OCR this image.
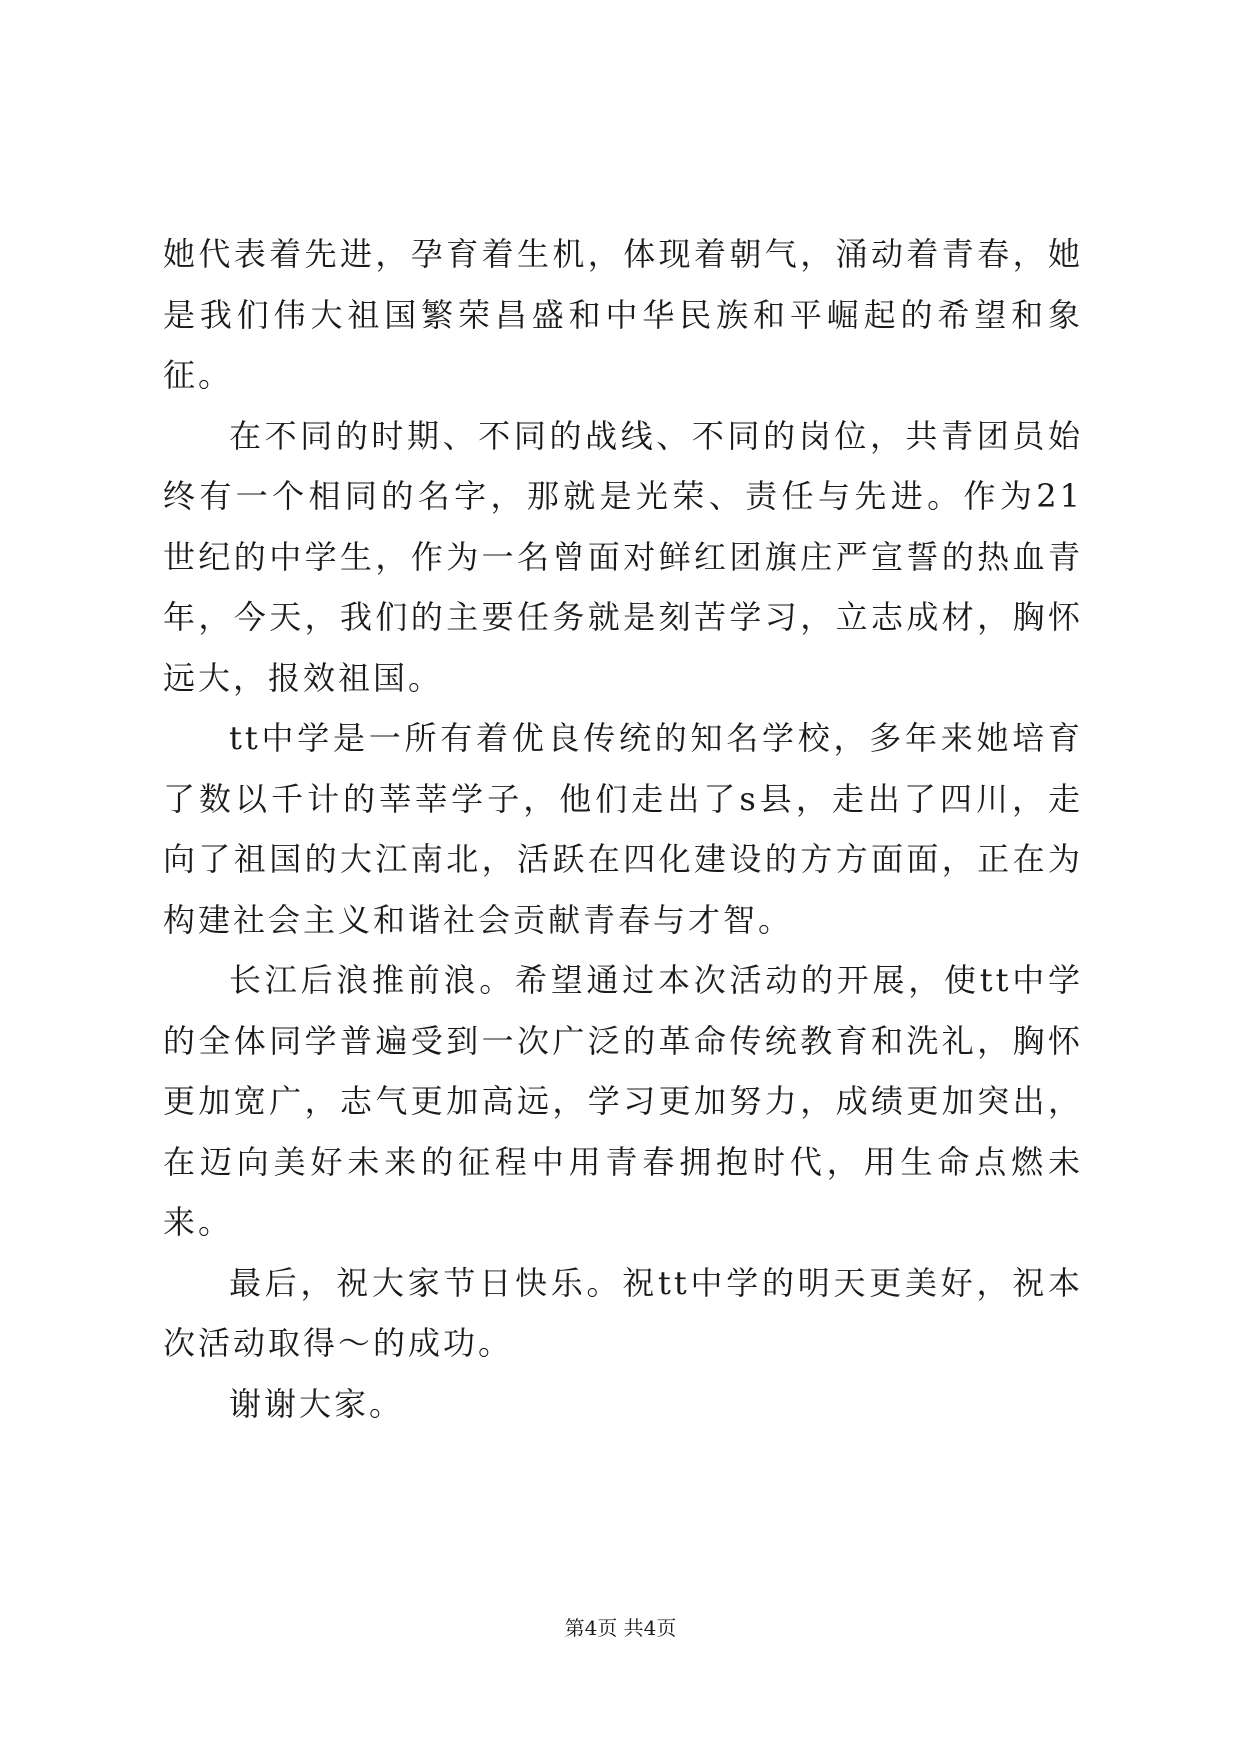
她代表着先进，孕育着生机，体现着朝气，涌动着青春，她是我们伟大祖国繁荣昌盛和中华民族和平崛起的希望和象征。

在不同的时期、不同的战线、不同的岗位，共青团员始终有一个相同的名字，那就是光荣、责任与先进。作为21世纪的中学生，作为一名曾面对鲜红团旗庄严宣誓的热血青年，今天，我们的主要任务就是刻苦学习，立志成材，胸怀远大，报效祖国。

tt中学是一所有着优良传统的知名学校，多年来她培育了数以千计的莘莘学子，他们走出了s县，走出了四川，走向了祖国的大江南北，活跃在四化建设的方方面面，正在为构建社会主义和谐社会贡献青春与才智。

长江后浪推前浪。希望通过本次活动的开展，使tt中学的全体同学普遍受到一次广泛的革命传统教育和洗礼，胸怀更加宽广，志气更加高远，学习更加努力，成绩更加突出，在迈向美好未来的征程中用青春拥抱时代，用生命点燃未来。

最后，祝大家节日快乐。祝tt中学的明天更美好，祝本次活动取得～的成功。

谢谢大家。

第4页 共4页
